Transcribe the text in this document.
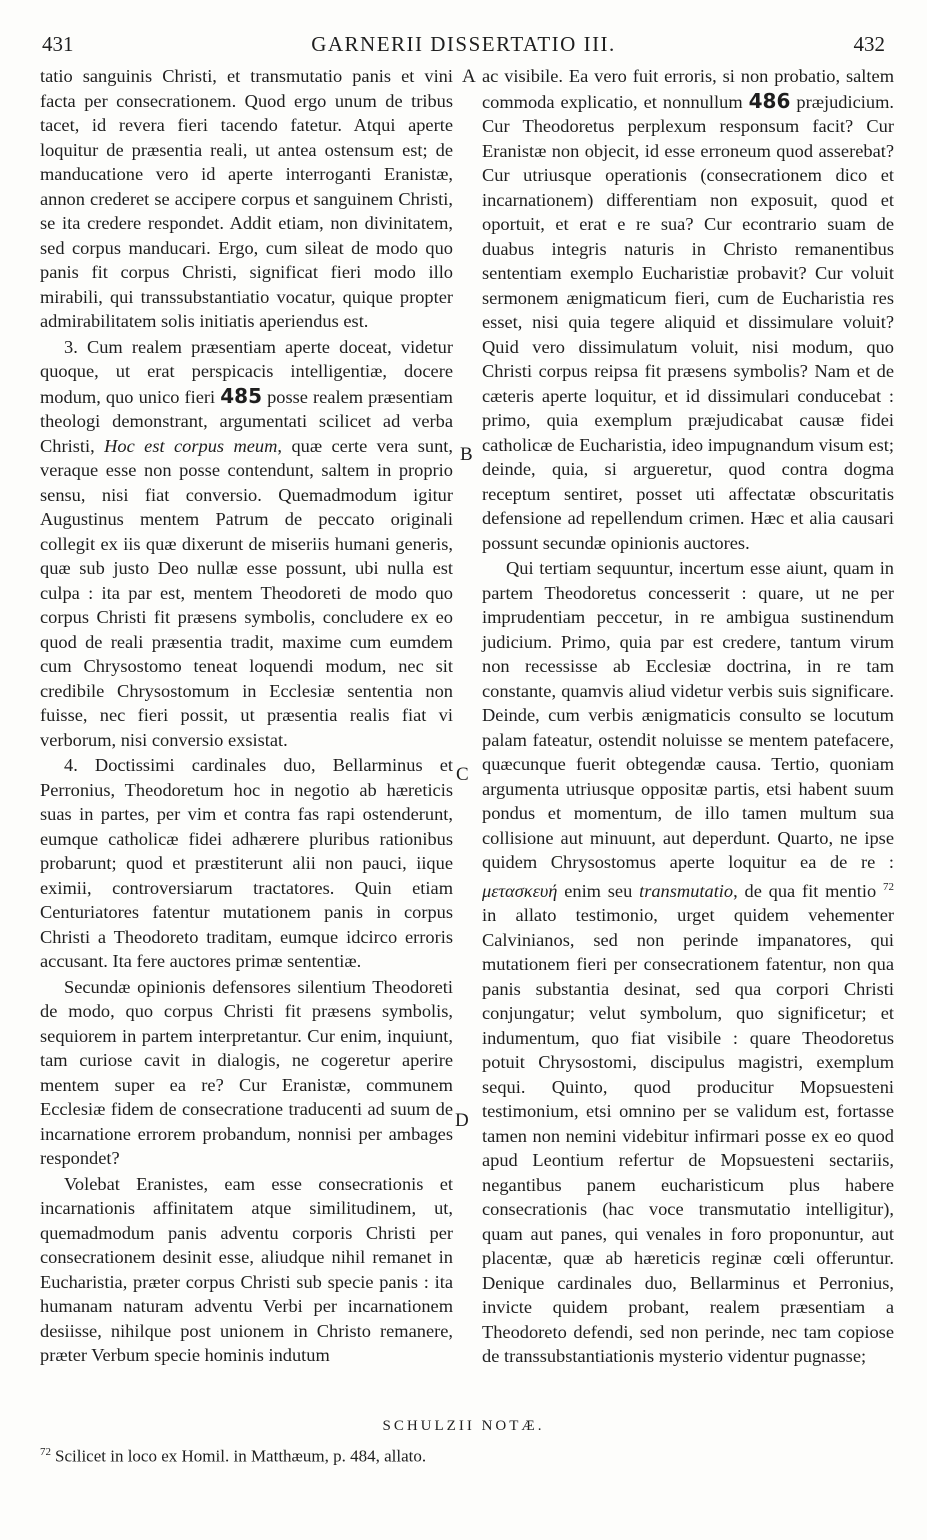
431	GARNERII DISSERTATIO III.	432

tatio sanguinis Christi, et transmutatio panis et vini facta per consecrationem. Quod ergo unum de tribus tacet, id revera fieri tacendo fatetur. Atqui aperte loquitur de præsentia reali, ut antea ostensum est; de manducatione vero id aperte interroganti Eranistæ, annon crederet se accipere corpus et sanguinem Christi, se ita credere respondet. Addit etiam, non divinitatem, sed corpus manducari. Ergo, cum sileat de modo quo panis fit corpus Christi, significat fieri modo illo mirabili, qui transsubstantiatio vocatur, quique propter admirabilitatem solis initiatis aperiendus est.

3. Cum realem præsentiam aperte doceat, videtur quoque, ut erat perspicacis intelligentiæ, docere modum, quo unico fieri 485 posse realem præsentiam theologi demonstrant, argumentati scilicet ad verba Christi, Hoc est corpus meum, quæ certe vera sunt, veraque esse non posse contendunt, saltem in proprio sensu, nisi fiat conversio. Quemadmodum igitur Augustinus mentem Patrum de peccato originali collegit ex iis quæ dixerunt de miseriis humani generis, quæ sub justo Deo nullæ esse possunt, ubi nulla est culpa : ita par est, mentem Theodoreti de modo quo corpus Christi fit præsens symbolis, concludere ex eo quod de reali præsentia tradit, maxime cum eumdem cum Chrysostomo teneat loquendi modum, nec sit credibile Chrysostomum in Ecclesiæ sententia non fuisse, nec fieri possit, ut præsentia realis fiat vi verborum, nisi conversio exsistat.

4. Doctissimi cardinales duo, Bellarminus et Perronius, Theodoretum hoc in negotio ab hæreticis suas in partes, per vim et contra fas rapi ostenderunt, eumque catholicæ fidei adhærere pluribus rationibus probarunt; quod et præstiterunt alii non pauci, iique eximii, controversiarum tractatores. Quin etiam Centuriatores fatentur mutationem panis in corpus Christi a Theodoreto traditam, eumque idcirco erroris accusant. Ita fere auctores primæ sententiæ.

Secundæ opinionis defensores silentium Theodoreti de modo, quo corpus Christi fit præsens symbolis, sequiorem in partem interpretantur. Cur enim, inquiunt, tam curiose cavit in dialogis, ne cogeretur aperire mentem super ea re? Cur Eranistæ, communem Ecclesiæ fidem de consecratione traducenti ad suum de incarnatione errorem probandum, nonnisi per ambages respondet?

Volebat Eranistes, eam esse consecrationis et incarnationis affinitatem atque similitudinem, ut, quemadmodum panis adventu corporis Christi per consecrationem desinit esse, aliudque nihil remanet in Eucharistia, præter corpus Christi sub specie panis : ita humanam naturam adventu Verbi per incarnationem desiisse, nihilque post unionem in Christo remanere, præter Verbum specie hominis indutum

A
B
C
D

ac visibile. Ea vero fuit erroris, si non probatio, saltem commoda explicatio, et nonnullum 486 præjudicium. Cur Theodoretus perplexum responsum facit? Cur Eranistæ non objecit, id esse erroneum quod asserebat? Cur utriusque operationis (consecrationem dico et incarnationem) differentiam non exposuit, quod et oportuit, et erat e re sua? Cur econtrario suam de duabus integris naturis in Christo remanentibus sententiam exemplo Eucharistiæ probavit? Cur voluit sermonem ænigmaticum fieri, cum de Eucharistia res esset, nisi quia tegere aliquid et dissimulare voluit? Quid vero dissimulatum voluit, nisi modum, quo Christi corpus reipsa fit præsens symbolis? Nam et de cæteris aperte loquitur, et id dissimulari conducebat : primo, quia exemplum præjudicabat causæ fidei catholicæ de Eucharistia, ideo impugnandum visum est; deinde, quia, si argueretur, quod contra dogma receptum sentiret, posset uti affectatæ obscuritatis defensione ad repellendum crimen. Hæc et alia causari possunt secundæ opinionis auctores.

Qui tertiam sequuntur, incertum esse aiunt, quam in partem Theodoretus concesserit : quare, ut ne per imprudentiam peccetur, in re ambigua sustinendum judicium. Primo, quia par est credere, tantum virum non recessisse ab Ecclesiæ doctrina, in re tam constante, quamvis aliud videtur verbis suis significare. Deinde, cum verbis ænigmaticis consulto se locutum palam fateatur, ostendit noluisse se mentem patefacere, quæcunque fuerit obtegendæ causa. Tertio, quoniam argumenta utriusque oppositæ partis, etsi habent suum pondus et momentum, de illo tamen multum sua collisione aut minuunt, aut deperdunt. Quarto, ne ipse quidem Chrysostomus aperte loquitur ea de re : μετασκευή enim seu transmutatio, de qua fit mentio $^{72}$ in allato testimonio, urget quidem vehementer Calvinianos, sed non perinde impanatores, qui mutationem fieri per consecrationem fatentur, non qua panis substantia desinat, sed qua corpori Christi conjungatur; velut symbolum, quo significetur; et indumentum, quo fiat visibile : quare Theodoretus potuit Chrysostomi, discipulus magistri, exemplum sequi. Quinto, quod producitur Mopsuesteni testimonium, etsi omnino per se validum est, fortasse tamen non nemini videbitur infirmari posse ex eo quod apud Leontium refertur de Mopsuesteni sectariis, negantibus panem eucharisticum plus habere consecrationis (hac voce transmutatio intelligitur), quam aut panes, qui venales in foro proponuntur, aut placentæ, quæ ab hæreticis reginæ cœli offeruntur. Denique cardinales duo, Bellarminus et Perronius, invicte quidem probant, realem præsentiam a Theodoreto defendi, sed non perinde, nec tam copiose de transsubstantiationis mysterio videntur pugnasse;

SCHULZII NOTÆ.
$^{72}$ Scilicet in loco ex Homil. in Matthæum, p. 484, allato.
